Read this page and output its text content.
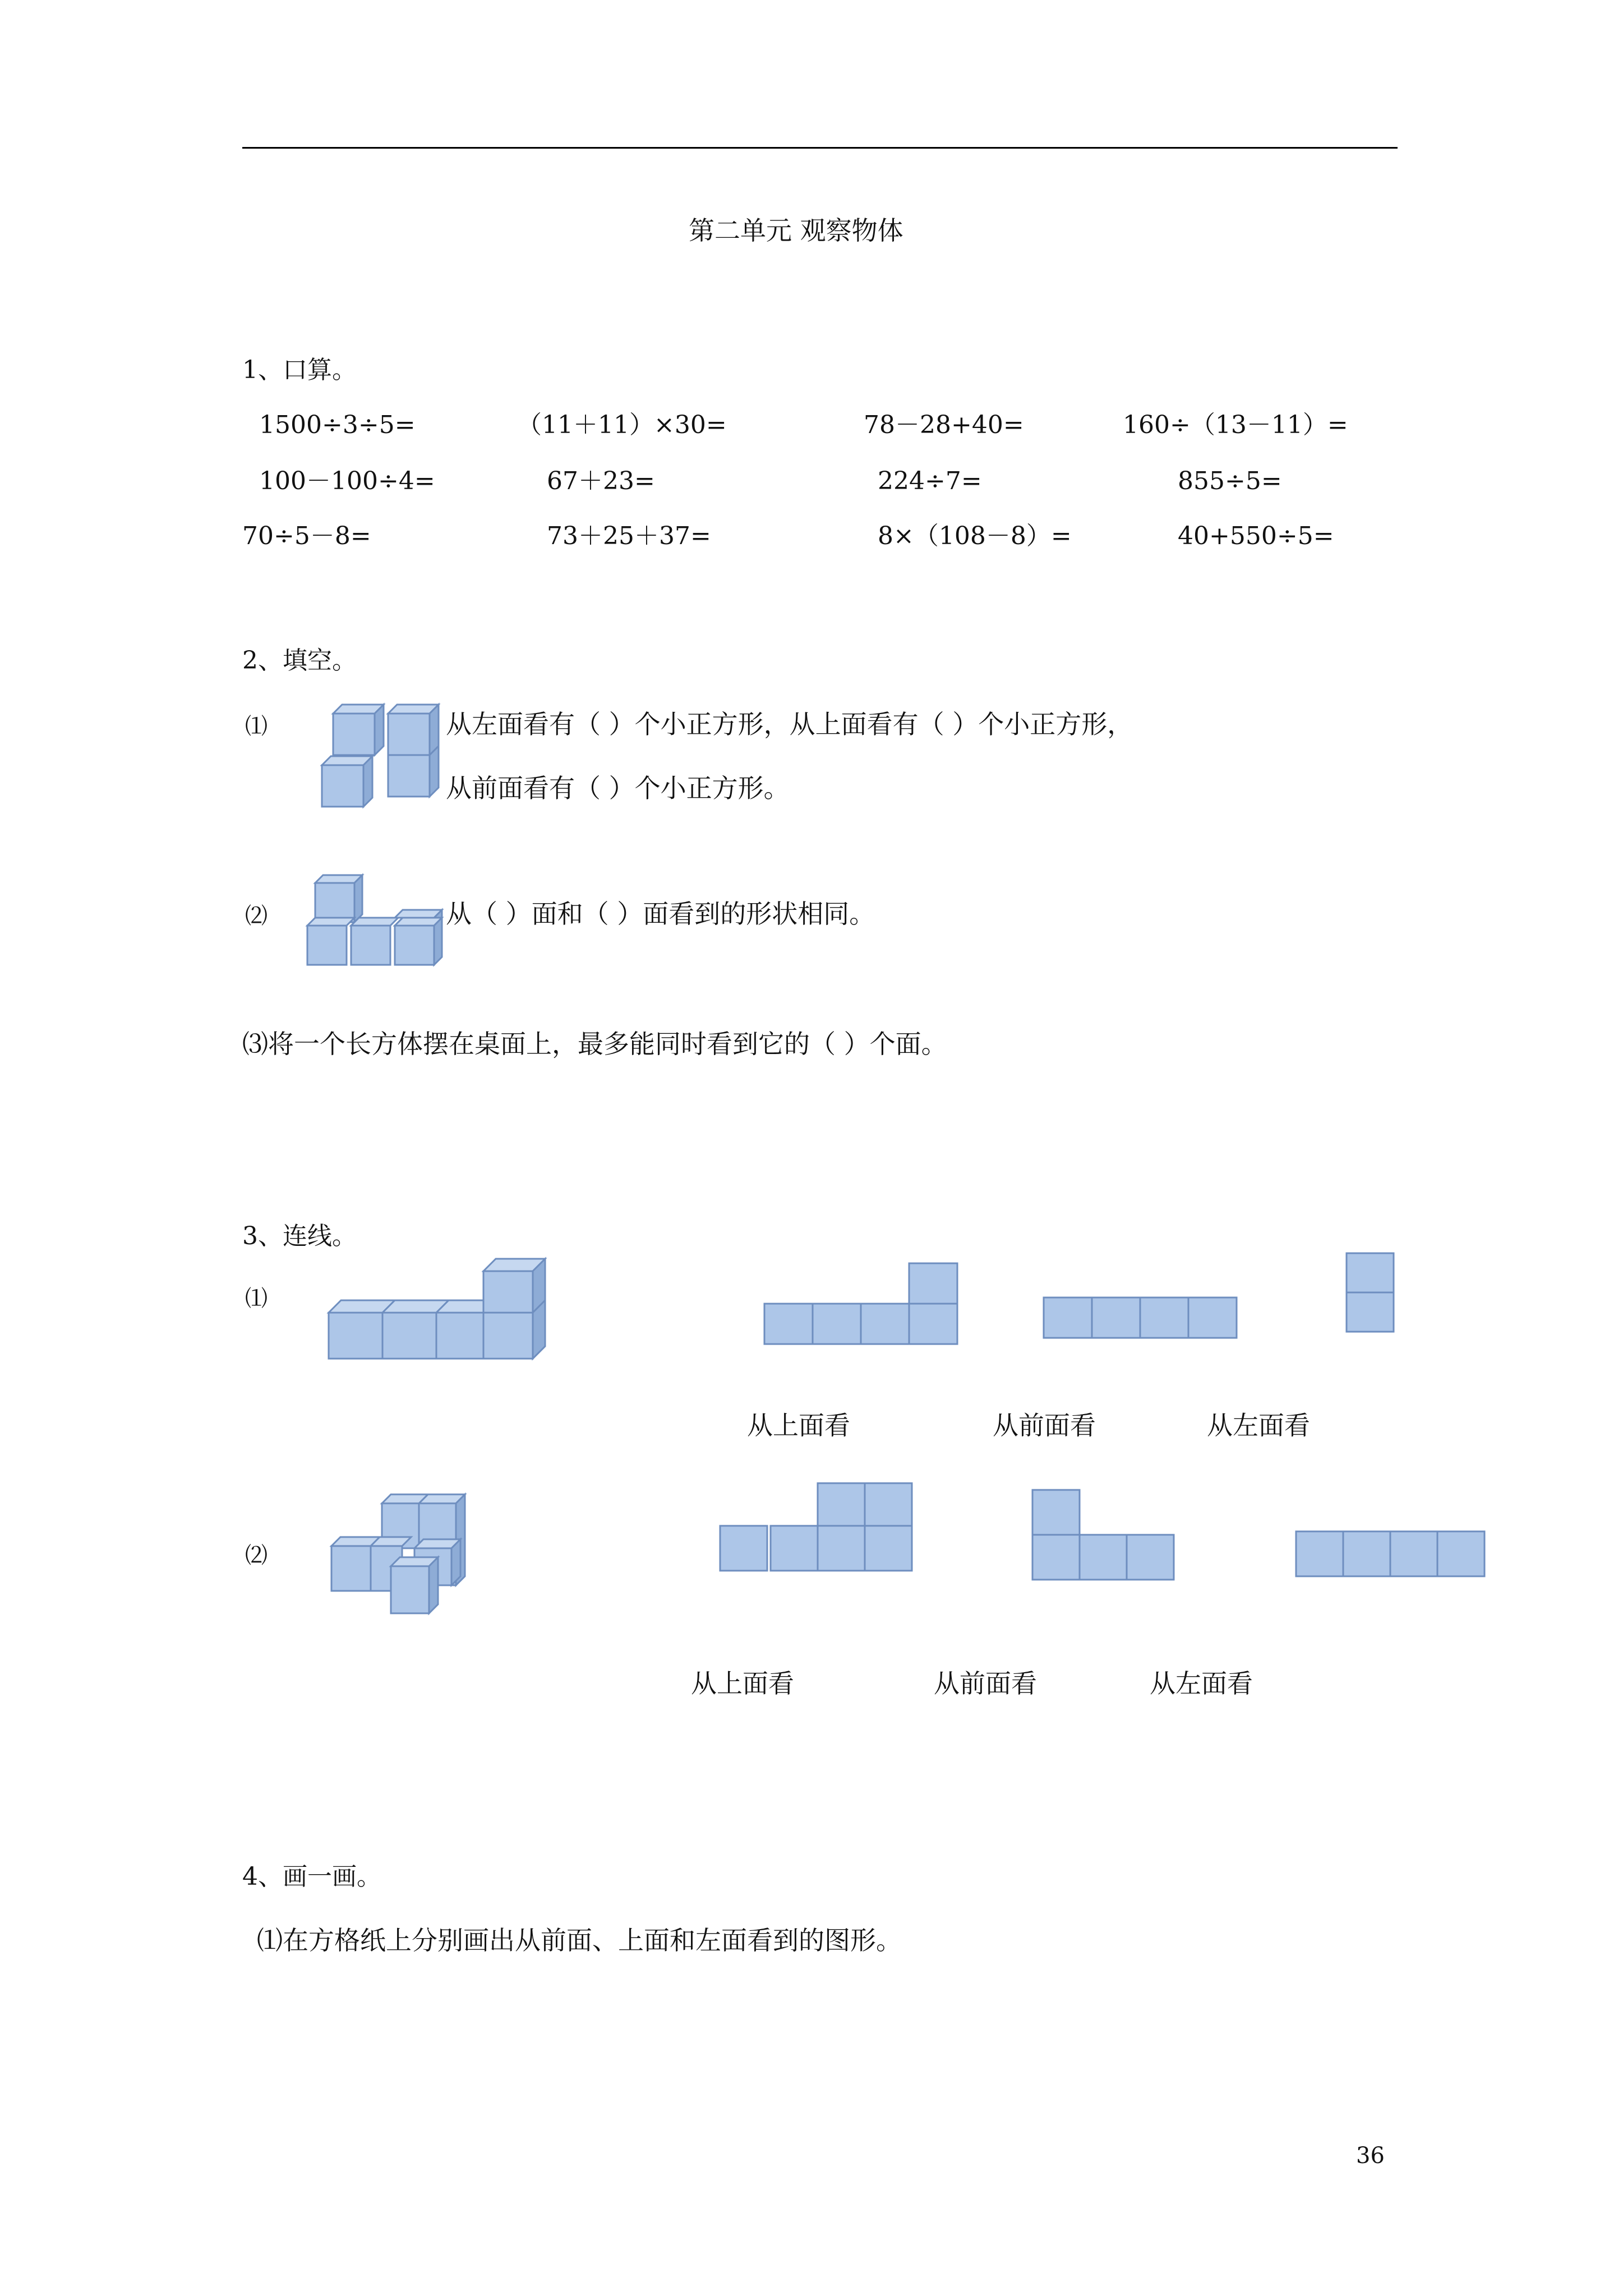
第二单元 观察物体
1、口算。
1500÷3÷5=	（11＋11）×30=	78－28+40=	160÷（13－11）=
100－100÷4=	67＋23=	224÷7=	855÷5=
70÷5－8=	73＋25＋37=	8×（108－8）=	40+550÷5=
2、填空。
⑴	从左面看有（ ）个小正方形，从上面看有（ ）个小正方形，
从前面看有（ ）个小正方形。
⑵	从（ ）面和（ ）面看到的形状相同。
⑶将一个长方体摆在桌面上，最多能同时看到它的（ ）个面。
3、连线。
⑴
从上面看	从前面看	从左面看
⑵
从上面看	从前面看	从左面看
4、画一画。
⑴在方格纸上分别画出从前面、上面和左面看到的图形。
36
